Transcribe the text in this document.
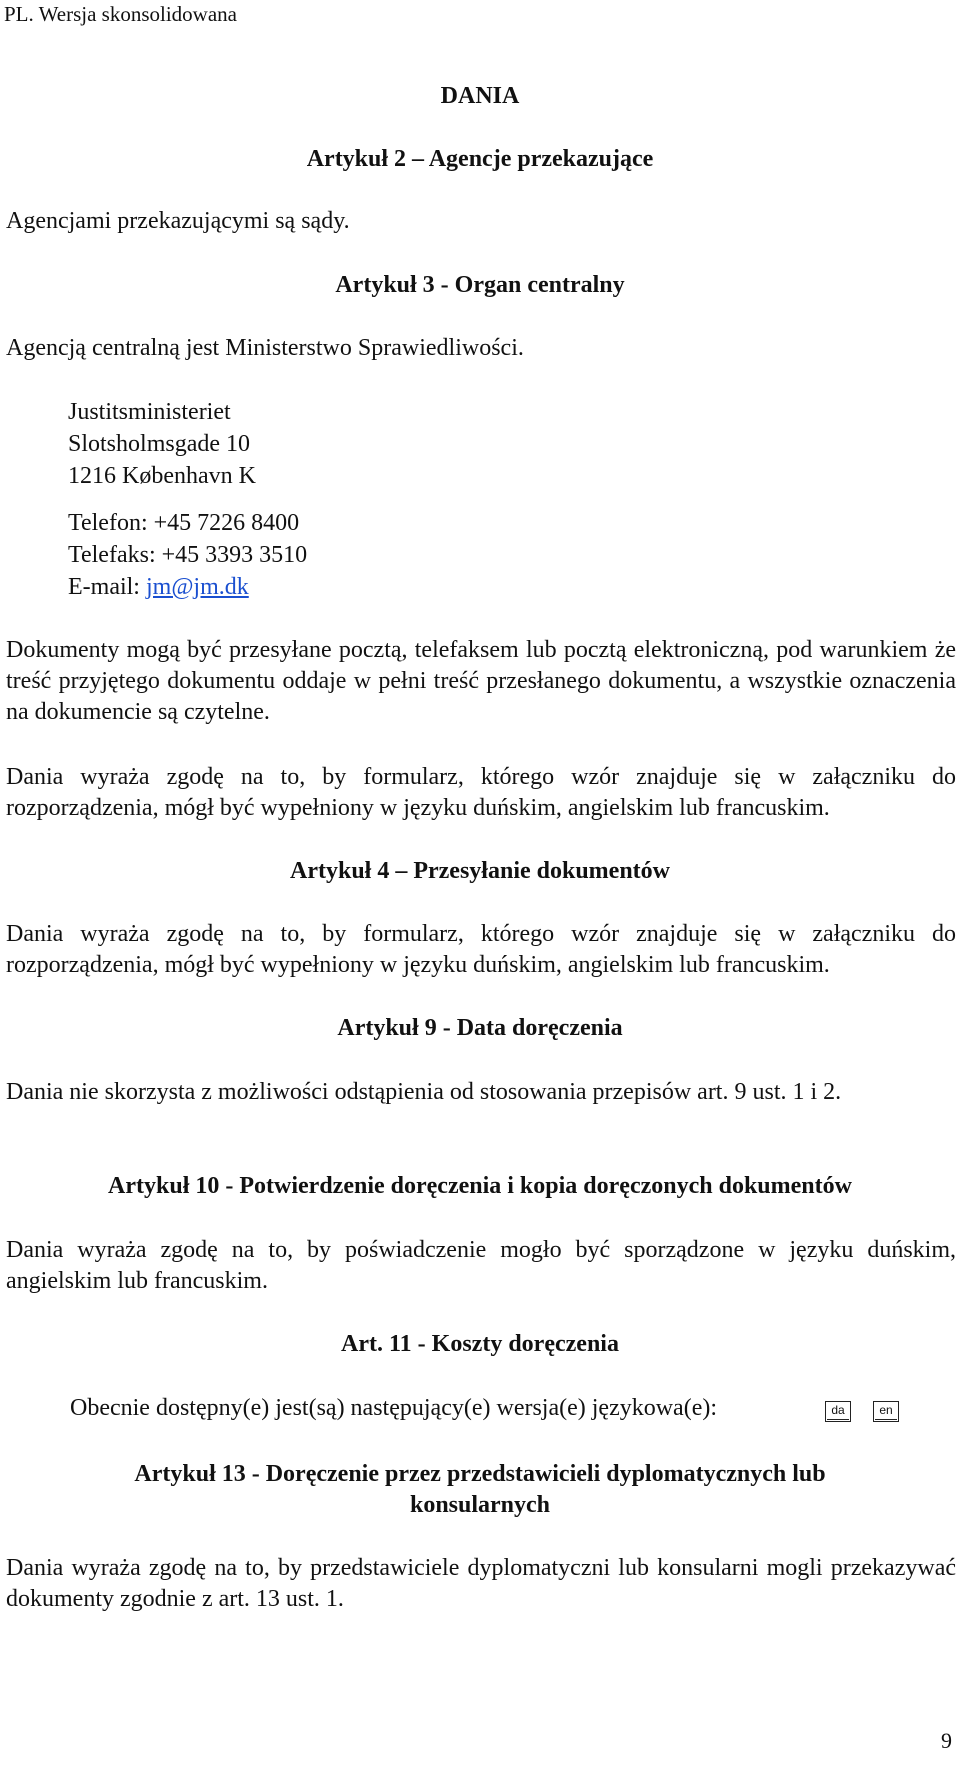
PL. Wersja skonsolidowana
DANIA
Artykuł 2 – Agencje przekazujące
Agencjami przekazującymi są sądy.
Artykuł 3 - Organ centralny
Agencją centralną jest Ministerstwo Sprawiedliwości.
Justitsministeriet
Slotsholmsgade 10
1216 København K
Telefon: +45 7226 8400
Telefaks: +45 3393 3510
E-mail: jm@jm.dk
Dokumenty mogą być przesyłane pocztą, telefaksem lub pocztą elektroniczną, pod warunkiem że treść przyjętego dokumentu oddaje w pełni treść przesłanego dokumentu, a wszystkie oznaczenia na dokumencie są czytelne.
Dania wyraża zgodę na to, by formularz, którego wzór znajduje się w załączniku do rozporządzenia, mógł być wypełniony w języku duńskim, angielskim lub francuskim.
Artykuł 4 – Przesyłanie dokumentów
Dania wyraża zgodę na to, by formularz, którego wzór znajduje się w załączniku do rozporządzenia, mógł być wypełniony w języku duńskim, angielskim lub francuskim.
Artykuł 9 - Data doręczenia
Dania nie skorzysta z możliwości odstąpienia od stosowania przepisów art. 9 ust. 1 i 2.
Artykuł 10 - Potwierdzenie doręczenia i kopia doręczonych dokumentów
Dania wyraża zgodę na to, by poświadczenie mogło być sporządzone w języku duńskim, angielskim lub francuskim.
Art. 11 - Koszty doręczenia
Obecnie dostępny(e) jest(są) następujący(e) wersja(e) językowa(e):	da	en
Artykuł 13 - Doręczenie przez przedstawicieli dyplomatycznych lub konsularnych
Dania wyraża zgodę na to, by przedstawiciele dyplomatyczni lub konsularni mogli przekazywać dokumenty zgodnie z art. 13 ust. 1.
9
